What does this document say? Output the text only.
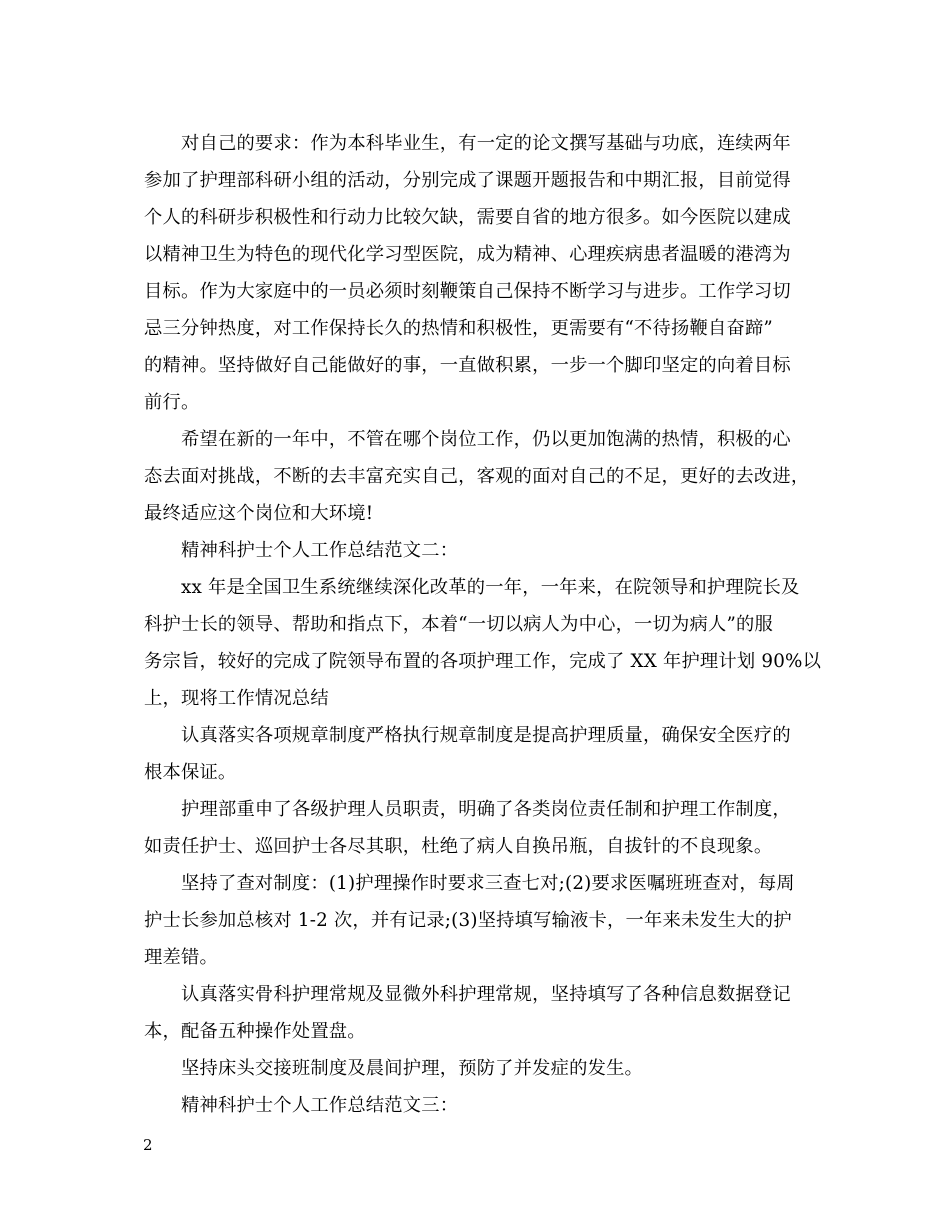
对自己的要求：作为本科毕业生，有一定的论文撰写基础与功底，连续两年
参加了护理部科研小组的活动，分别完成了课题开题报告和中期汇报，目前觉得
个人的科研步积极性和行动力比较欠缺，需要自省的地方很多。如今医院以建成
以精神卫生为特色的现代化学习型医院，成为精神、心理疾病患者温暖的港湾为
目标。作为大家庭中的一员必须时刻鞭策自己保持不断学习与进步。工作学习切
忌三分钟热度，对工作保持长久的热情和积极性，更需要有“不待扬鞭自奋蹄”
的精神。坚持做好自己能做好的事，一直做积累，一步一个脚印坚定的向着目标
前行。

希望在新的一年中，不管在哪个岗位工作，仍以更加饱满的热情，积极的心
态去面对挑战，不断的去丰富充实自己，客观的面对自己的不足，更好的去改进，
最终适应这个岗位和大环境!

精神科护士个人工作总结范文二：

xx 年是全国卫生系统继续深化改革的一年，一年来，在院领导和护理院长及
科护士长的领导、帮助和指点下，本着“一切以病人为中心，一切为病人”的服
务宗旨，较好的完成了院领导布置的各项护理工作，完成了 XX 年护理计划 90%以
上，现将工作情况总结

认真落实各项规章制度严格执行规章制度是提高护理质量，确保安全医疗的
根本保证。

护理部重申了各级护理人员职责，明确了各类岗位责任制和护理工作制度，
如责任护士、巡回护士各尽其职，杜绝了病人自换吊瓶，自拔针的不良现象。

坚持了查对制度：(1)护理操作时要求三查七对;(2)要求医嘱班班查对，每周
护士长参加总核对 1-2 次，并有记录;(3)坚持填写输液卡，一年来未发生大的护
理差错。

认真落实骨科护理常规及显微外科护理常规，坚持填写了各种信息数据登记
本，配备五种操作处置盘。

坚持床头交接班制度及晨间护理，预防了并发症的发生。

精神科护士个人工作总结范文三：

2
